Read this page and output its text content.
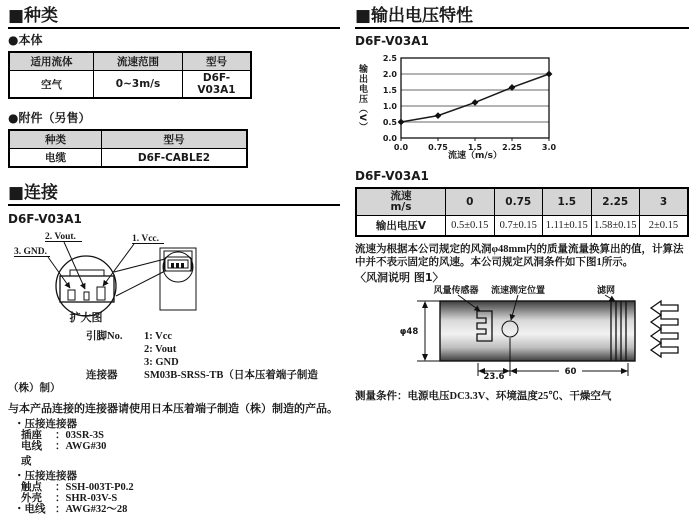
■种类
●本体
适用流体	流速范围	型号
空气	0~3m/s	D6F-V03A1
●附件（另售）
种类	型号
电缆	D6F-CABLE2
■连接
D6F-V03A1
2. Vout.	1. Vcc.
3. GND.
扩大图
引脚No. 1: Vcc
2: Vout
3: GND
连接器	SM03B-SRSS-TB（日本压着端子制造（株）制）
与本产品连接的连接器请使用日本压着端子制造（株）制造的产品。
・压接连接器
插座 ：03SR-3S
电线 ：AWG#30
或
・压接连接器
触点 ：SSH-003T-P0.2
外壳 ：SHR-03V-S
・电线 ：AWG#32～28
■输出电压特性
D6F-V03A1
输出电压（V）
0.0
0.5
1.0
1.5
2.0
2.5
0.0	0.75	1.5	2.25	3.0
流速（m/s）
D6F-V03A1
流速
m/s	0	0.75	1.5	2.25	3
输出电压V	0.5±0.15	0.7±0.15	1.11±0.15	1.58±0.15	2±0.15
流速为根据本公司规定的风洞φ48mm内的质量流量换算出的值，计算法中并不表示固定的风速。本公司规定风洞条件如下图1所示。
〈风洞说明 图1〉
风量传感器 流速测定位置	滤网
φ48
23.6	60
测量条件：电源电压DC3.3V、环境温度25℃、干燥空气
